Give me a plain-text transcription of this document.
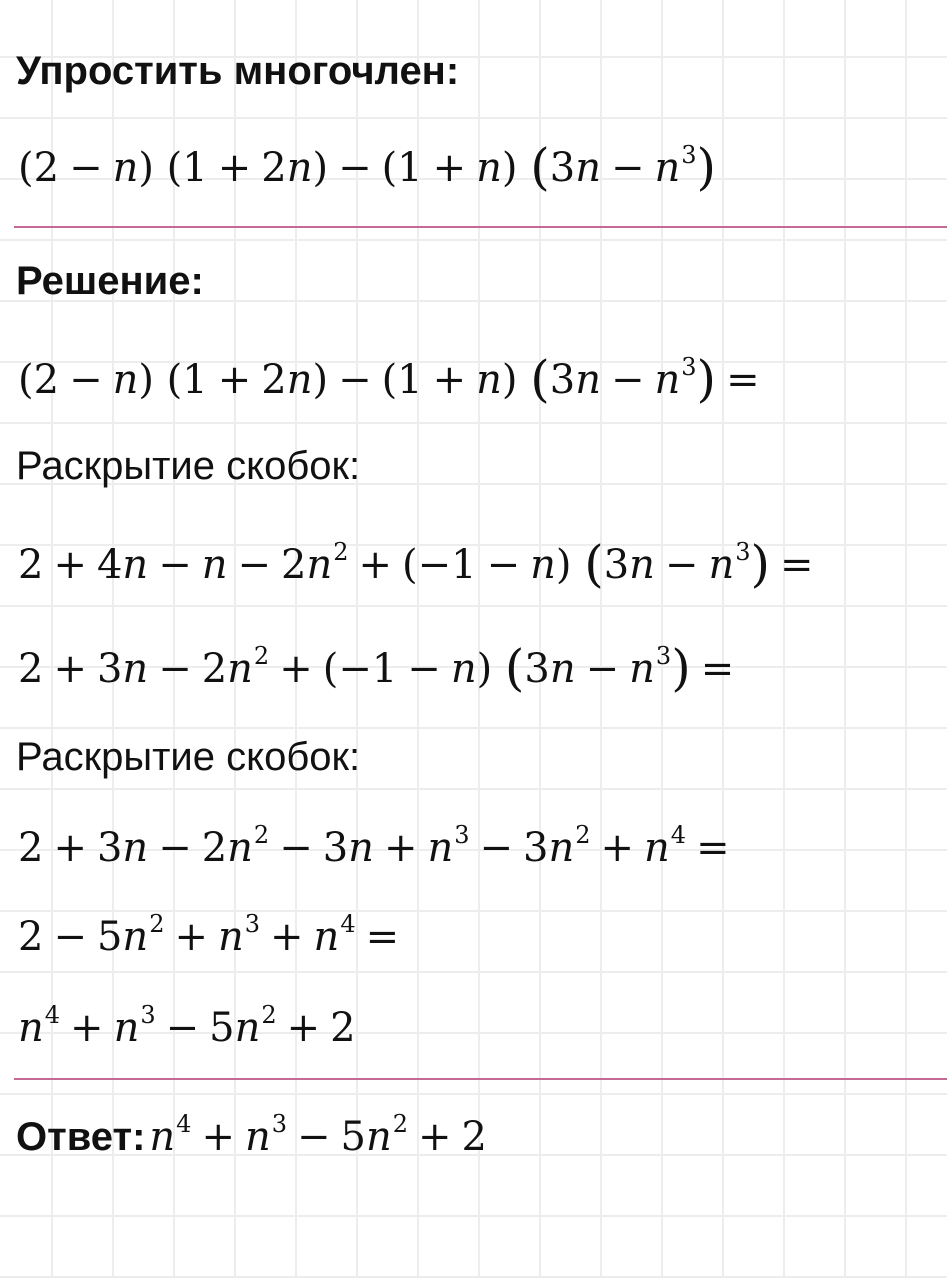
Упростить многочлен:
(2 − n) (1 + 2n) − (1 + n) $(3n - n^3)$
Решение:
(2 − n) (1 + 2n) − (1 + n) $(3n - n^3)$ =
Раскрытие скобок:
$2 + 4n - n - 2n^2 + (-1 - n) (3n - n^3)$ =
$2 + 3n - 2n^2 + (-1 - n) (3n - n^3)$ =
Раскрытие скобок:
$2 + 3n - 2n^2 - 3n + n^3 - 3n^2 + n^4$ =
$2 - 5n^2 + n^3 + n^4$ =
$n^4 + n^3 - 5n^2 + 2$
Ответ: $n^4 + n^3 - 5n^2 + 2$
